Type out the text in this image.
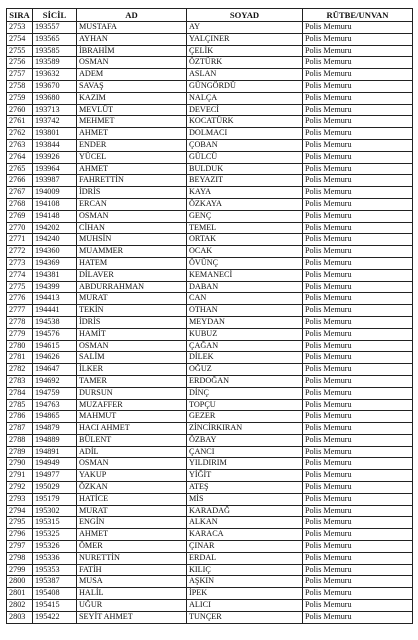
SIRA	SİCİL	AD	SOYAD	RÜTBE/UNVAN
2753	193557	MUSTAFA	AY	Polis Memuru
2754	193565	AYHAN	YALÇINER	Polis Memuru
2755	193585	İBRAHİM	ÇELİK	Polis Memuru
2756	193589	OSMAN	ÖZTÜRK	Polis Memuru
2757	193632	ADEM	ASLAN	Polis Memuru
2758	193670	SAVAŞ	GÜNGÖRDÜ	Polis Memuru
2759	193680	KAZIM	NALÇA	Polis Memuru
2760	193713	MEVLÜT	DEVECİ	Polis Memuru
2761	193742	MEHMET	KOCATÜRK	Polis Memuru
2762	193801	AHMET	DOLMACI	Polis Memuru
2763	193844	ENDER	ÇOBAN	Polis Memuru
2764	193926	YÜCEL	GÜLCÜ	Polis Memuru
2765	193964	AHMET	BULDUK	Polis Memuru
2766	193987	FAHRETTİN	BEYAZIT	Polis Memuru
2767	194009	İDRİS	KAYA	Polis Memuru
2768	194108	ERCAN	ÖZKAYA	Polis Memuru
2769	194148	OSMAN	GENÇ	Polis Memuru
2770	194202	CİHAN	TEMEL	Polis Memuru
2771	194240	MUHSİN	ORTAK	Polis Memuru
2772	194360	MUAMMER	OCAK	Polis Memuru
2773	194369	HATEM	ÖVÜNÇ	Polis Memuru
2774	194381	DİLAVER	KEMANECİ	Polis Memuru
2775	194399	ABDURRAHMAN	DABAN	Polis Memuru
2776	194413	MURAT	CAN	Polis Memuru
2777	194441	TEKİN	OTHAN	Polis Memuru
2778	194538	İDRİS	MEYDAN	Polis Memuru
2779	194576	HAMİT	KUBUZ	Polis Memuru
2780	194615	OSMAN	ÇAĞAN	Polis Memuru
2781	194626	SALİM	DİLEK	Polis Memuru
2782	194647	İLKER	OĞUZ	Polis Memuru
2783	194692	TAMER	ERDOĞAN	Polis Memuru
2784	194759	DURSUN	DİNÇ	Polis Memuru
2785	194763	MUZAFFER	TOPÇU	Polis Memuru
2786	194865	MAHMUT	GEZER	Polis Memuru
2787	194879	HACI AHMET	ZİNCİRKIRAN	Polis Memuru
2788	194889	BÜLENT	ÖZBAY	Polis Memuru
2789	194891	ADİL	ÇANCI	Polis Memuru
2790	194949	OSMAN	YILDIRIM	Polis Memuru
2791	194977	YAKUP	YİĞİT	Polis Memuru
2792	195029	ÖZKAN	ATEŞ	Polis Memuru
2793	195179	HATİCE	MİS	Polis Memuru
2794	195302	MURAT	KARADAĞ	Polis Memuru
2795	195315	ENGİN	ALKAN	Polis Memuru
2796	195325	AHMET	KARACA	Polis Memuru
2797	195326	ÖMER	ÇINAR	Polis Memuru
2798	195336	NURETTİN	ERDAL	Polis Memuru
2799	195353	FATİH	KILIÇ	Polis Memuru
2800	195387	MUSA	AŞKIN	Polis Memuru
2801	195408	HALİL	İPEK	Polis Memuru
2802	195415	UĞUR	ALICI	Polis Memuru
2803	195422	SEYİT AHMET	TUNÇER	Polis Memuru
